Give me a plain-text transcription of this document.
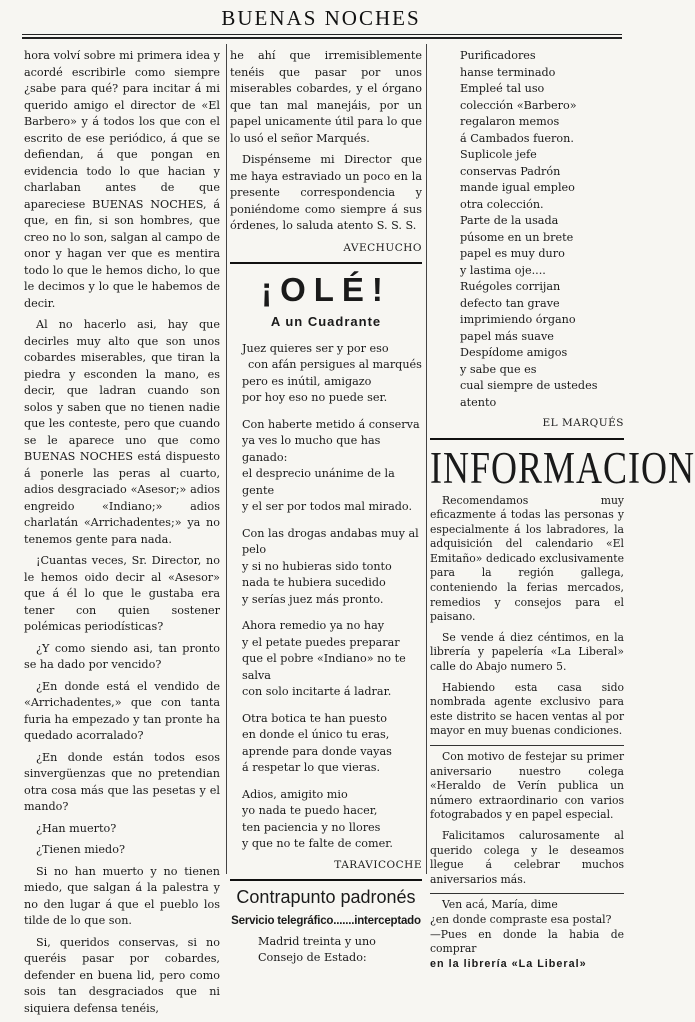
BUENAS NOCHES

hora volví sobre mi primera idea y acordé escribirle como siempre ¿sabe para qué? para incitar á mi querido amigo el director de «El Barbero» y á todos los que con el escrito de ese periódico, á que se defiendan, á que pongan en evidencia todo lo que hacian y charlaban antes de que apareciese BUENAS NOCHES, á que, en fin, si son hombres, que creo no lo son, salgan al campo de onor y hagan ver que es mentira todo lo que le hemos dicho, lo que le decimos y lo que le habemos de decir.

Al no hacerlo asi, hay que decirles muy alto que son unos cobardes miserables, que tiran la piedra y esconden la mano, es decir, que ladran cuando son solos y saben que no tienen nadie que les conteste, pero que cuando se le aparece uno que como BUENAS NOCHES está dispuesto á ponerle las peras al cuarto, adios desgraciado «Asesor;» adios engreido «Indiano;» adios charlatán «Arrichadentes;» ya no tenemos gente para nada.

¡Cuantas veces, Sr. Director, no le hemos oido decir al «Asesor» que á él lo que le gustaba era tener con quien sostener polémicas periodísticas?

¿Y como siendo asi, tan pronto se ha dado por vencido?

¿En donde está el vendido de «Arrichadentes,» que con tanta furia ha empezado y tan pronte ha quedado acorralado?

¿En donde están todos esos sinvergüenzas que no pretendian otra cosa más que las pesetas y el mando?

¿Han muerto?

¿Tienen miedo?

Si no han muerto y no tienen miedo, que salgan á la palestra y no den lugar á que el pueblo los tilde de lo que son.

Si, queridos conservas, si no queréis pasar por cobardes, defender en buena lid, pero como sois tan desgraciados que ni siquiera defensa tenéis,

he ahí que irremisiblemente tenéis que pasar por unos miserables cobardes, y el órgano que tan mal manejáis, por un papel unicamente útil para lo que lo usó el señor Marqués.

Dispénseme mi Director que me haya estraviado un poco en la presente correspondencia y poniéndome como siempre á sus órdenes, lo saluda atento S. S. S.

AVECHUCHO
¡OLÉ!
A un Cuadrante
Juez quieres ser y por eso
con afán persigues al marqués
pero es inútil, amigazo
por hoy eso no puede ser.
Con haberte metido á conserva
ya ves lo mucho que has ganado:
el desprecio unánime de la gente
y el ser por todos mal mirado.
Con las drogas andabas muy al pelo
y si no hubieras sido tonto
nada te hubiera sucedido
y serías juez más pronto.
Ahora remedio ya no hay
y el petate puedes preparar
que el pobre «Indiano» no te salva
con solo incitarte á ladrar.
Otra botica te han puesto
en donde el único tu eras,
aprende para donde vayas
á respetar lo que vieras.
Adios, amigito mio
yo nada te puedo hacer,
ten paciencia y no llores
y que no te falte de comer.
TARAVICOCHE
Contrapunto padronés
Servicio telegráfico.......interceptado
Madrid treinta y uno
Consejo de Estado:
Purificadores
hanse terminado
Empleé tal uso
colección «Barbero»
regalaron memos
á Cambados fueron.
Suplicole jefe
conservas Padrón
mande igual empleo
otra colección.
Parte de la usada
púsome en un brete
papel es muy duro
y lastima oje....
Ruégoles corrijan
defecto tan grave
imprimiendo órgano
papel más suave
Despídome amigos
y sabe que es
cual siempre de ustedes
atento
EL MARQUÉS
INFORMACION

Recomendamos muy eficazmente á todas las personas y especialmente á los labradores, la adquisición del calendario «El Emitaño» dedicado exclusivamente para la región gallega, conteniendo la ferias mercados, remedios y consejos para el paisano.

Se vende á diez céntimos, en la librería y papelería «La Liberal» calle do Abajo numero 5.

Habiendo esta casa sido nombrada agente exclusivo para este distrito se hacen ventas al por mayor en muy buenas condiciones.

Con motivo de festejar su primer aniversario nuestro colega «Heraldo de Verín publica un número extraordinario con varios fotograbados y en papel especial.

Falicitamos calurosamente al querido colega y le deseamos llegue á celebrar muchos aniversarios más.

Ven acá, María, dime
¿en donde compraste esa postal?
—Pues en donde la habia de comprar
en la librería «La Liberal»
